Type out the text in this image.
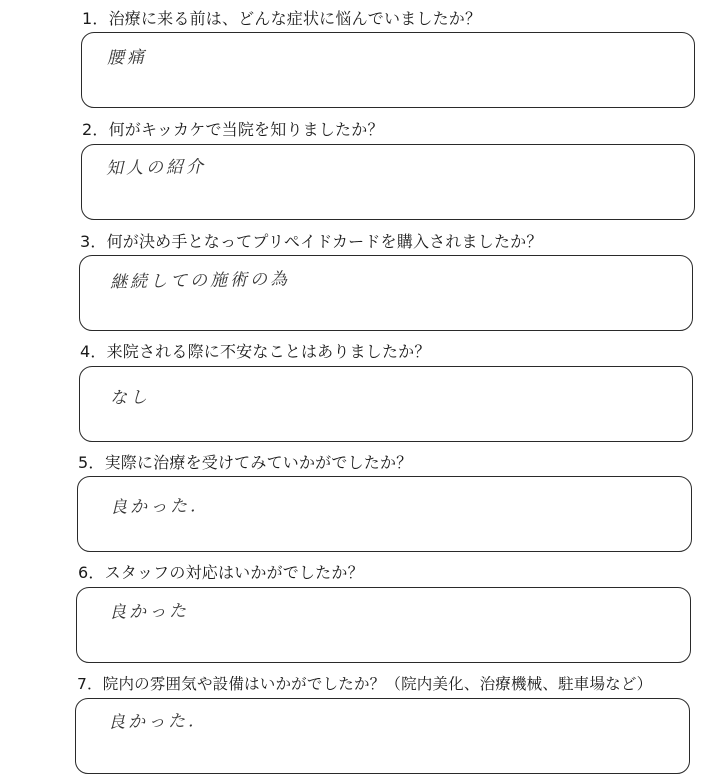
1．治療に来る前は、どんな症状に悩んでいましたか？
腰痛
2．何がキッカケで当院を知りましたか？
知人の紹介
3．何が決め手となってプリペイドカードを購入されましたか？
継続しての施術の為
4．来院される際に不安なことはありましたか？
なし
5．実際に治療を受けてみていかがでしたか？
良かった.
6．スタッフの対応はいかがでしたか？
良かった
7．院内の雰囲気や設備はいかがでしたか？（院内美化、治療機械、駐車場など）
良かった.
